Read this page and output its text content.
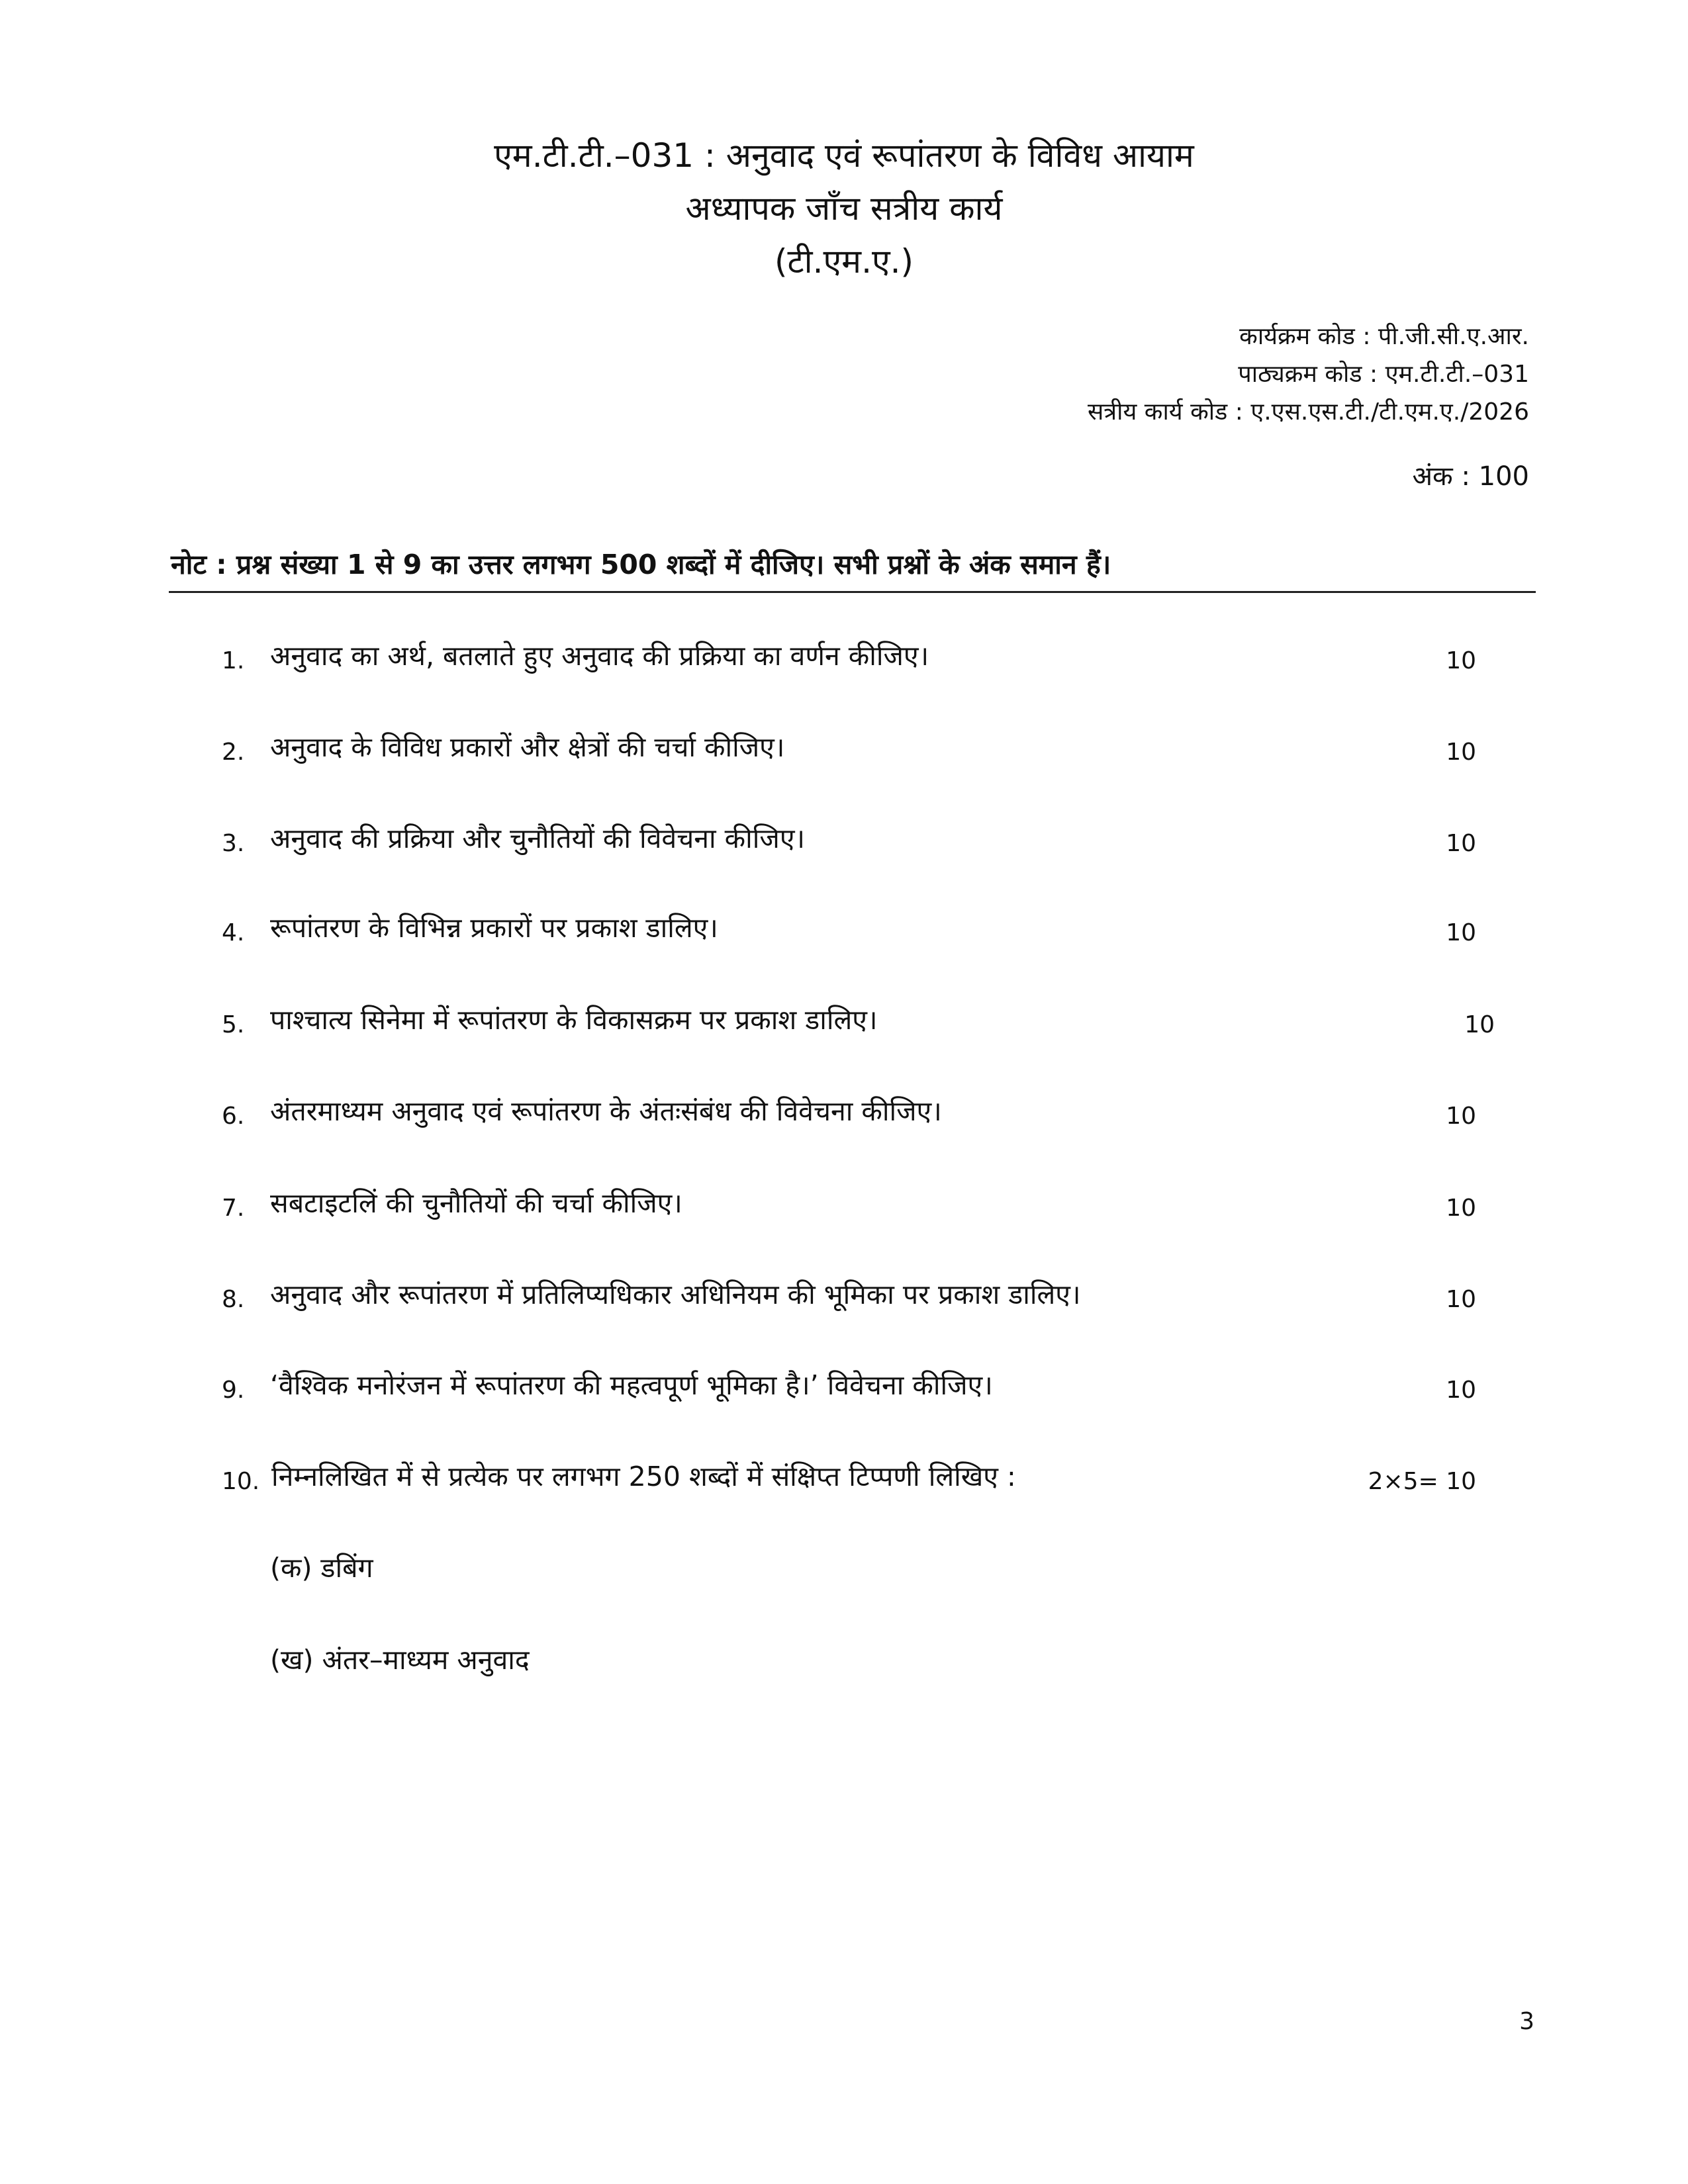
एम.टी.टी.–031 : अनुवाद एवं रूपांतरण के विविध आयाम
अध्यापक जाँच सत्रीय कार्य
(टी.एम.ए.)
कार्यक्रम कोड : पी.जी.सी.ए.आर.
पाठ्यक्रम कोड : एम.टी.टी.–031
सत्रीय कार्य कोड : ए.एस.एस.टी./टी.एम.ए./2026
अंक : 100
नोट : प्रश्न संख्या 1 से 9 का उत्तर लगभग 500 शब्दों में दीजिए। सभी प्रश्नों के अंक समान हैं।
1. अनुवाद का अर्थ, बतलाते हुए अनुवाद की प्रक्रिया का वर्णन कीजिए।	10
2. अनुवाद के विविध प्रकारों और क्षेत्रों की चर्चा कीजिए।	10
3. अनुवाद की प्रक्रिया और चुनौतियों की विवेचना कीजिए।	10
4. रूपांतरण के विभिन्न प्रकारों पर प्रकाश डालिए।	10
5. पाश्चात्य सिनेमा में रूपांतरण के विकासक्रम पर प्रकाश डालिए।	10
6. अंतरमाध्यम अनुवाद एवं रूपांतरण के अंतःसंबंध की विवेचना कीजिए।	10
7. सबटाइटलिं की चुनौतियों की चर्चा कीजिए।	10
8. अनुवाद और रूपांतरण में प्रतिलिप्यधिकार अधिनियम की भूमिका पर प्रकाश डालिए।	10
9. ‘वैश्विक मनोरंजन में रूपांतरण की महत्वपूर्ण भूमिका है।’ विवेचना कीजिए।	10
10. निम्नलिखित में से प्रत्येक पर लगभग 250 शब्दों में संक्षिप्त टिप्पणी लिखिए :	2×5= 10
(क) डबिंग
(ख) अंतर–माध्यम अनुवाद
3
